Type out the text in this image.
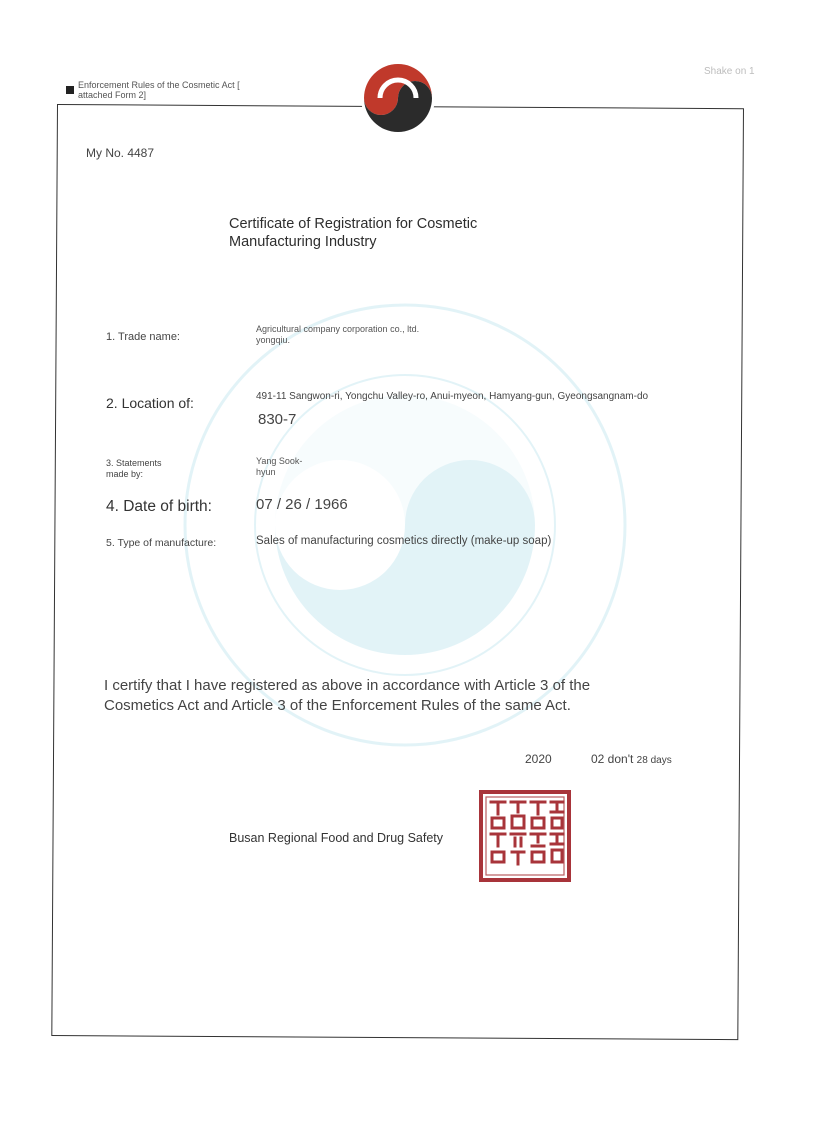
Enforcement Rules of the Cosmetic Act [ attached Form 2]
Shake on 1
My No. 4487
Certificate of Registration for Cosmetic
Manufacturing Industry
1. Trade name:
Agricultural company corporation co., ltd. yongqiu.
2. Location of:	491-11 Sangwon-ri, Yongchu Valley-ro, Anui-myeon, Hamyang-gun, Gyeongsangnam-do
830-7
3. Statements made by:
Yang Sook-hyun
4. Date of birth:	07 / 26 / 1966
5. Type of manufacture:	Sales of manufacturing cosmetics directly (make-up soap)
I certify that I have registered as above in accordance with Article 3 of the Cosmetics Act and Article 3 of the Enforcement Rules of the same Act.
2020	02 don't 28 days
Busan Regional Food and Drug Safety
